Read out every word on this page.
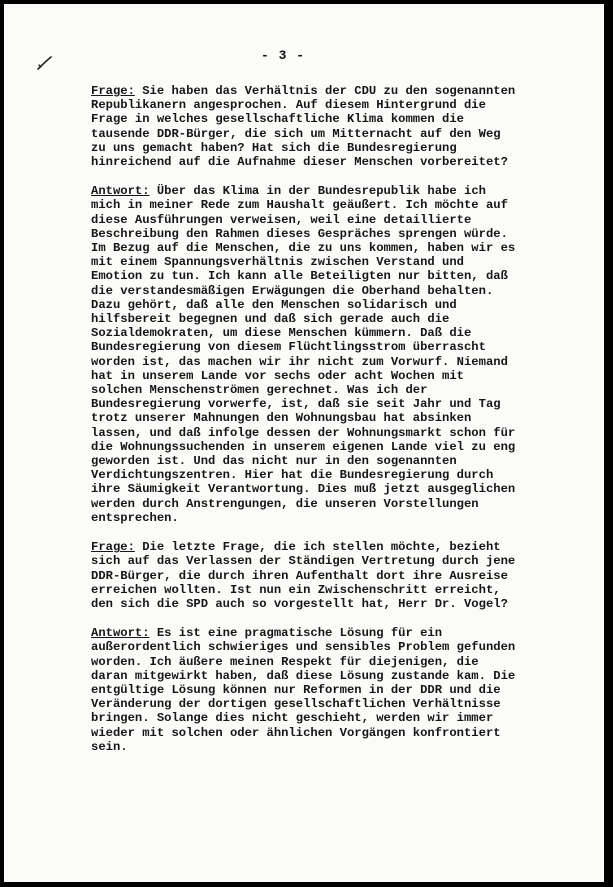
- 3 -
Frage: Sie haben das Verhältnis der CDU zu den sogenannten
Republikanern angesprochen. Auf diesem Hintergrund die
Frage in welches gesellschaftliche Klima kommen die
tausende DDR-Bürger, die sich um Mitternacht auf den Weg
zu uns gemacht haben? Hat sich die Bundesregierung
hinreichend auf die Aufnahme dieser Menschen vorbereitet?
Antwort: Über das Klima in der Bundesrepublik habe ich
mich in meiner Rede zum Haushalt geäußert. Ich möchte auf
diese Ausführungen verweisen, weil eine detaillierte
Beschreibung den Rahmen dieses Gespräches sprengen würde.
Im Bezug auf die Menschen, die zu uns kommen, haben wir es
mit einem Spannungsverhältnis zwischen Verstand und
Emotion zu tun. Ich kann alle Beteiligten nur bitten, daß
die verstandesmäßigen Erwägungen die Oberhand behalten.
Dazu gehört, daß alle den Menschen solidarisch und
hilfsbereit begegnen und daß sich gerade auch die
Sozialdemokraten, um diese Menschen kümmern. Daß die
Bundesregierung von diesem Flüchtlingsstrom überrascht
worden ist, das machen wir ihr nicht zum Vorwurf. Niemand
hat in unserem Lande vor sechs oder acht Wochen mit
solchen Menschenströmen gerechnet. Was ich der
Bundesregierung vorwerfe, ist, daß sie seit Jahr und Tag
trotz unserer Mahnungen den Wohnungsbau hat absinken
lassen, und daß infolge dessen der Wohnungsmarkt schon für
die Wohnungssuchenden in unserem eigenen Lande viel zu eng
geworden ist. Und das nicht nur in den sogenannten
Verdichtungszentren. Hier hat die Bundesregierung durch
ihre Säumigkeit Verantwortung. Dies muß jetzt ausgeglichen
werden durch Anstrengungen, die unseren Vorstellungen
entsprechen.
Frage: Die letzte Frage, die ich stellen möchte, bezieht
sich auf das Verlassen der Ständigen Vertretung durch jene
DDR-Bürger, die durch ihren Aufenthalt dort ihre Ausreise
erreichen wollten. Ist nun ein Zwischenschritt erreicht,
den sich die SPD auch so vorgestellt hat, Herr Dr. Vogel?
Antwort: Es ist eine pragmatische Lösung für ein
außerordentlich schwieriges und sensibles Problem gefunden
worden. Ich äußere meinen Respekt für diejenigen, die
daran mitgewirkt haben, daß diese Lösung zustande kam. Die
entgültige Lösung können nur Reformen in der DDR und die
Veränderung der dortigen gesellschaftlichen Verhältnisse
bringen. Solange dies nicht geschieht, werden wir immer
wieder mit solchen oder ähnlichen Vorgängen konfrontiert
sein.
